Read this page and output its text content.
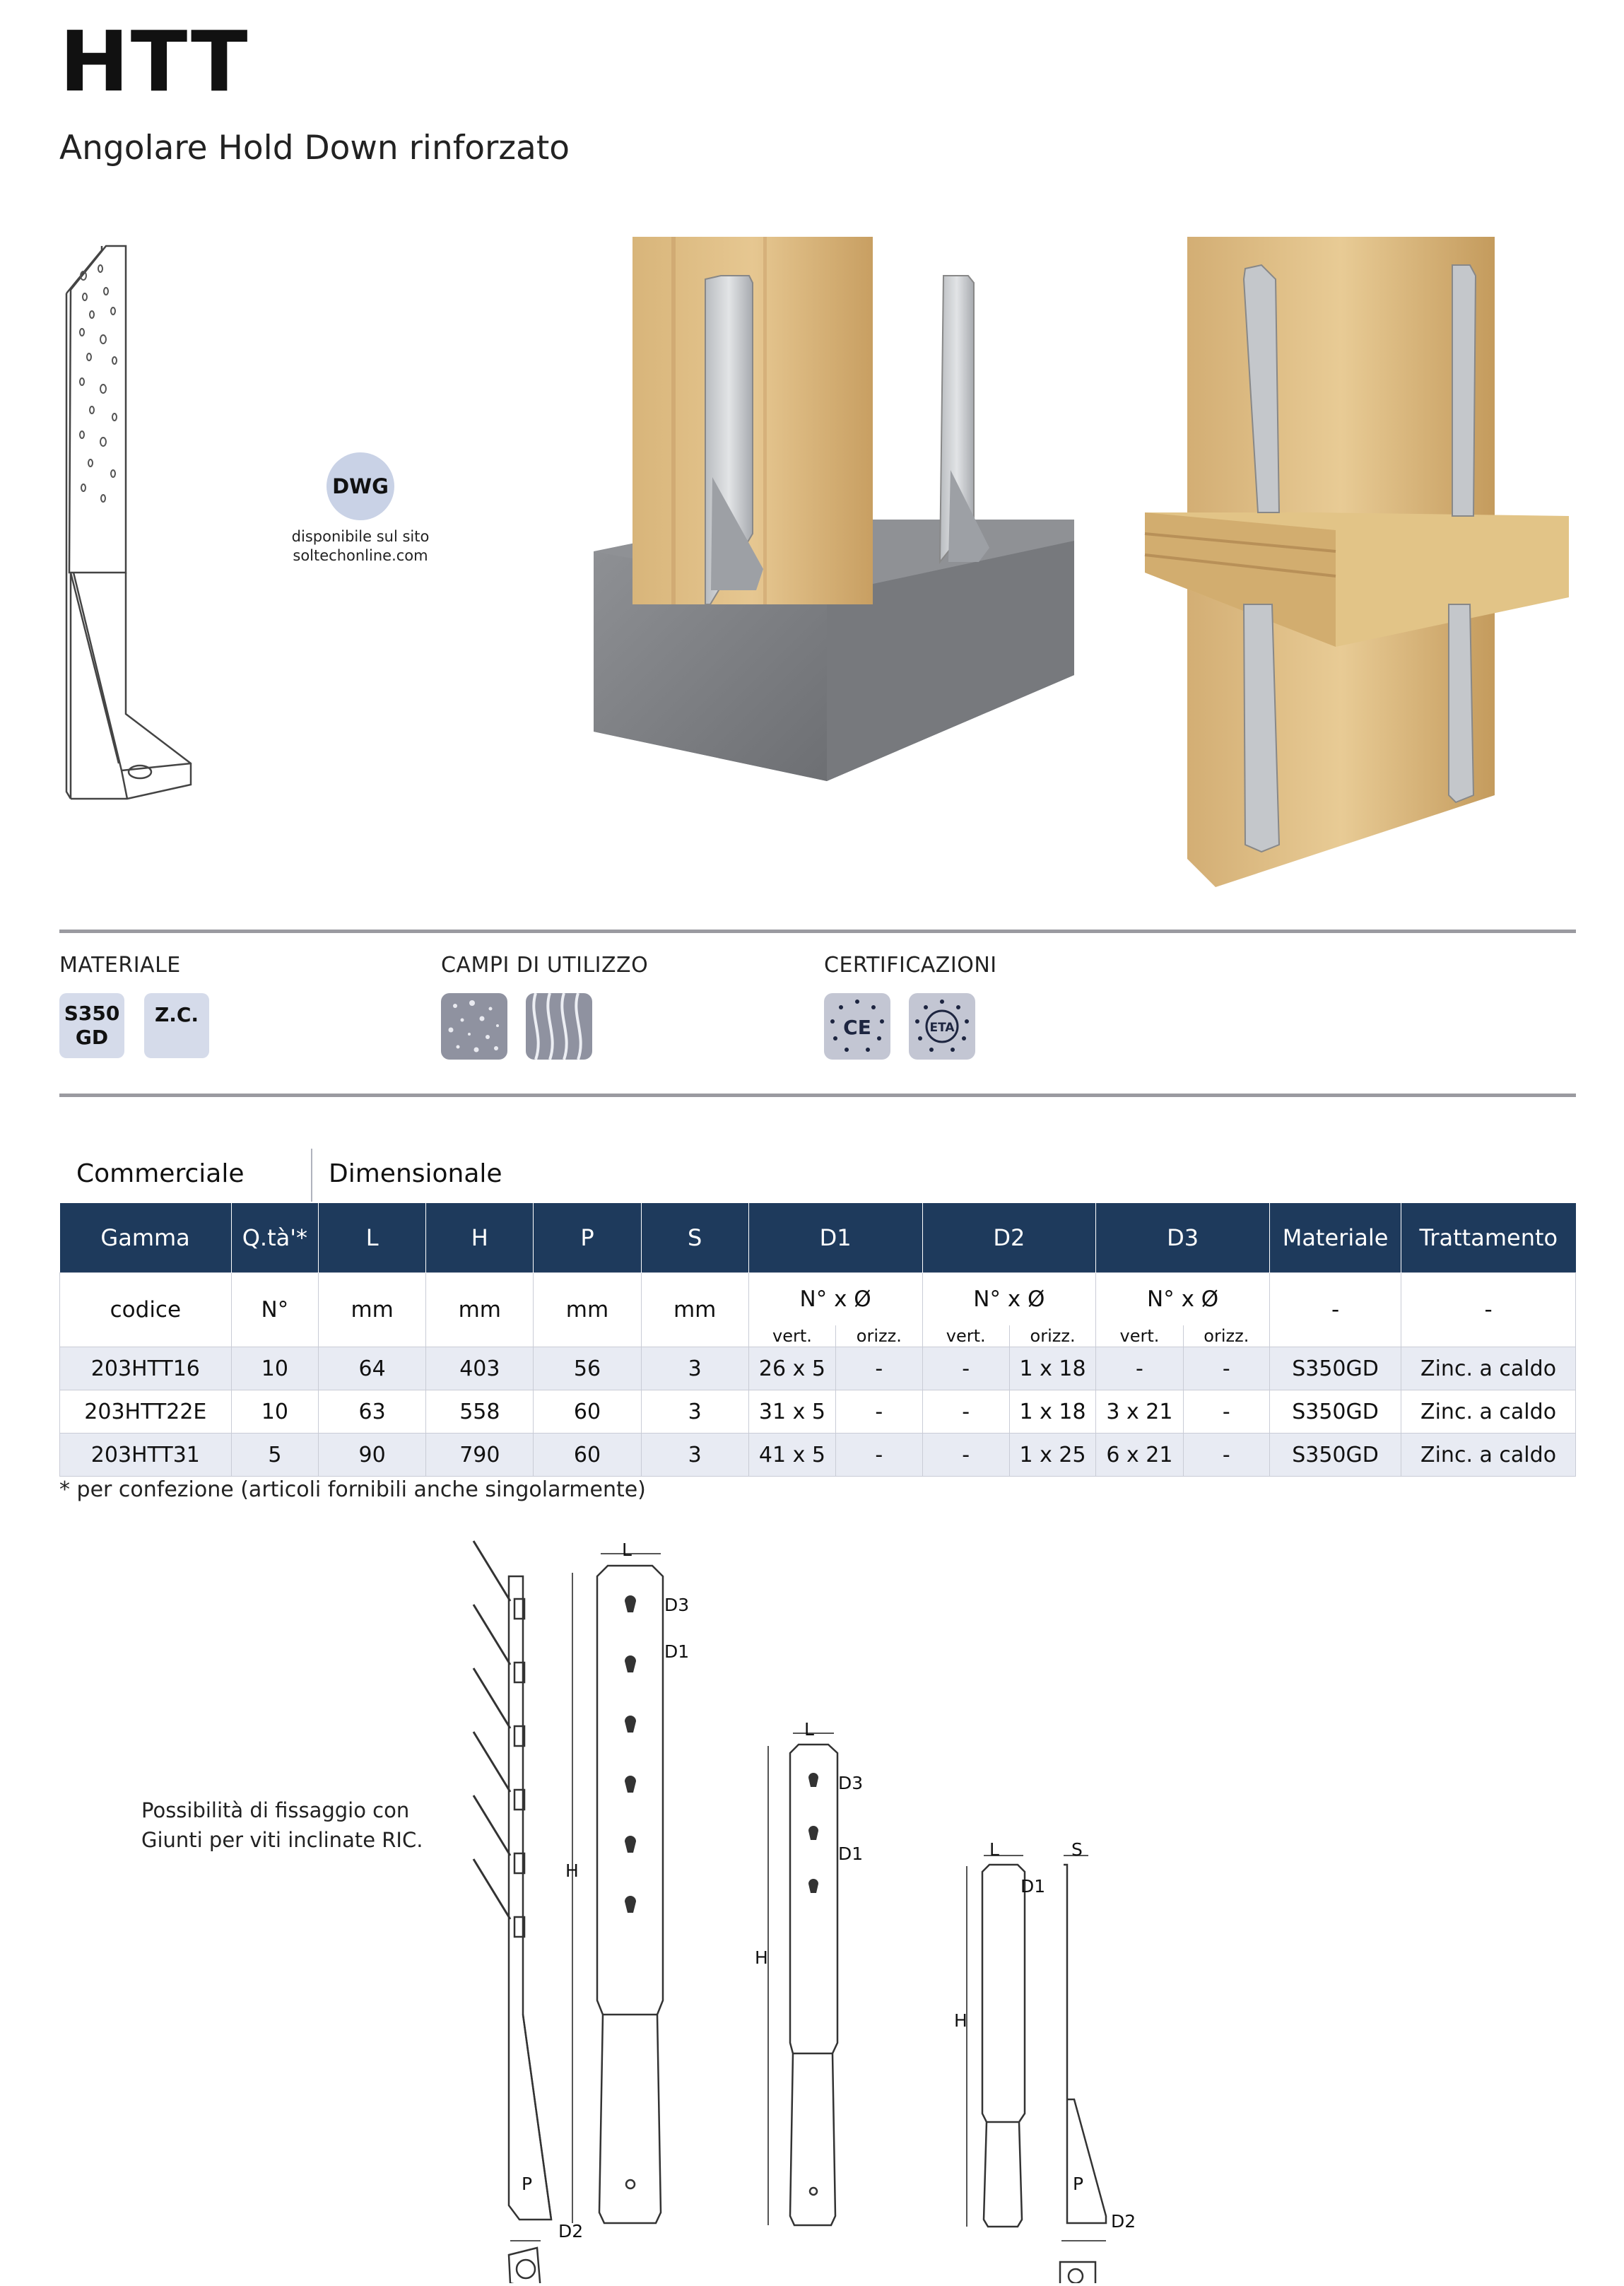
HTT
Angolare Hold Down rinforzato
DWG
disponibile sul sito
soltechonline.com
MATERIALE
S350
GD
Z.C.
CAMPI DI UTILIZZO	CERTIFICAZIONI
CE	ETA
Commerciale	Dimensionale
Gamma	Q.tà'*	L	H	P	S	D1		D2		D3		Materiale	Trattamento
codice	N°	mm	mm	mm	mm	N° x Ø		N° x Ø		N° x Ø		-	-
						vert.	orizz.	vert.	orizz.	vert.	orizz.		
203HTT16	10	64	403	56	3	26 x 5	-	-	1 x 18	-	-	S350GD	Zinc. a caldo
203HTT22E	10	63	558	60	3	31 x 5	-	-	1 x 18	3 x 21	-	S350GD	Zinc. a caldo
203HTT31	5	90	790	60	3	41 x 5	-	-	1 x 25	6 x 21	-	S350GD	Zinc. a caldo
* per confezione (articoli fornibili anche singolarmente)
Possibilità di fissaggio con
Giunti per viti inclinate RIC.
L
D3
D1
H
P
D2
L
D3
D1
H
L	S
D1
H
P
D2
